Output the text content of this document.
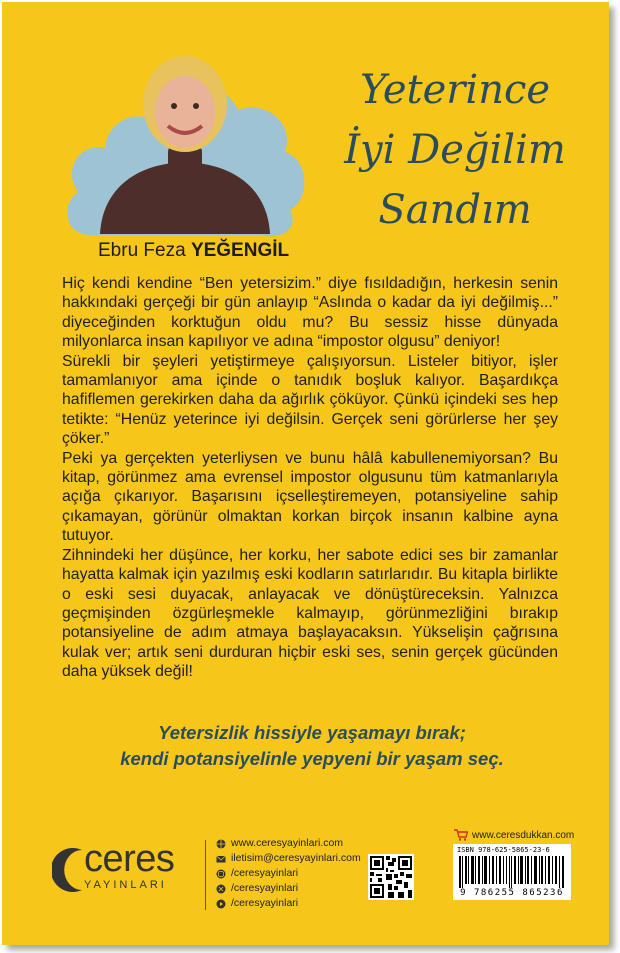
Yeterince
İyi Değilim
Sandım
Ebru Feza YEĞENGİL

Hiç kendi kendine “Ben yetersizim.” diye fısıldadığın, herkesin senin hakkındaki gerçeği bir gün anlayıp “Aslında o kadar da iyi değilmiş...” diyeceğinden korktuğun oldu mu? Bu sessiz hisse dünyada milyonlarca insan kapılıyor ve adına “impostor olgusu” deniyor!

Sürekli bir şeyleri yetiştirmeye çalışıyorsun. Listeler bitiyor, işler tamamlanıyor ama içinde o tanıdık boşluk kalıyor. Başardıkça hafiflemen gerekirken daha da ağırlık çöküyor. Çünkü içindeki ses hep tetikte: “Henüz yeterince iyi değilsin. Gerçek seni görürlerse her şey çöker.”

Peki ya gerçekten yeterliysen ve bunu hâlâ kabullenemiyorsan? Bu kitap, görünmez ama evrensel impostor olgusunu tüm katmanlarıyla açığa çıkarıyor. Başarısını içselleştiremeyen, potansiyeline sahip çıkamayan, görünür olmaktan korkan birçok insanın kalbine ayna tutuyor.

Zihnindeki her düşünce, her korku, her sabote edici ses bir zamanlar hayatta kalmak için yazılmış eski kodların satırlarıdır. Bu kitapla birlikte o eski sesi duyacak, anlayacak ve dönüştüreceksin. Yalnızca geçmişinden özgürleşmekle kalmayıp, görünmezliğini bırakıp potansiyeline de adım atmaya başlayacaksın. Yükselişin çağrısına kulak ver; artık seni durduran hiçbir eski ses, senin gerçek gücünden daha yüksek değil!

Yetersizlik hissiyle yaşamayı bırak;
kendi potansiyelinle yepyeni bir yaşam seç.
ceres
YAYINLARI
www.ceresyayinlari.com
iletisim@ceresyayinlari.com
/ceresyayinlari
/ceresyayinlari
/ceresyayinlari
www.ceresdukkan.com
ISBN 978-625-5865-23-6
9 786255 865236
